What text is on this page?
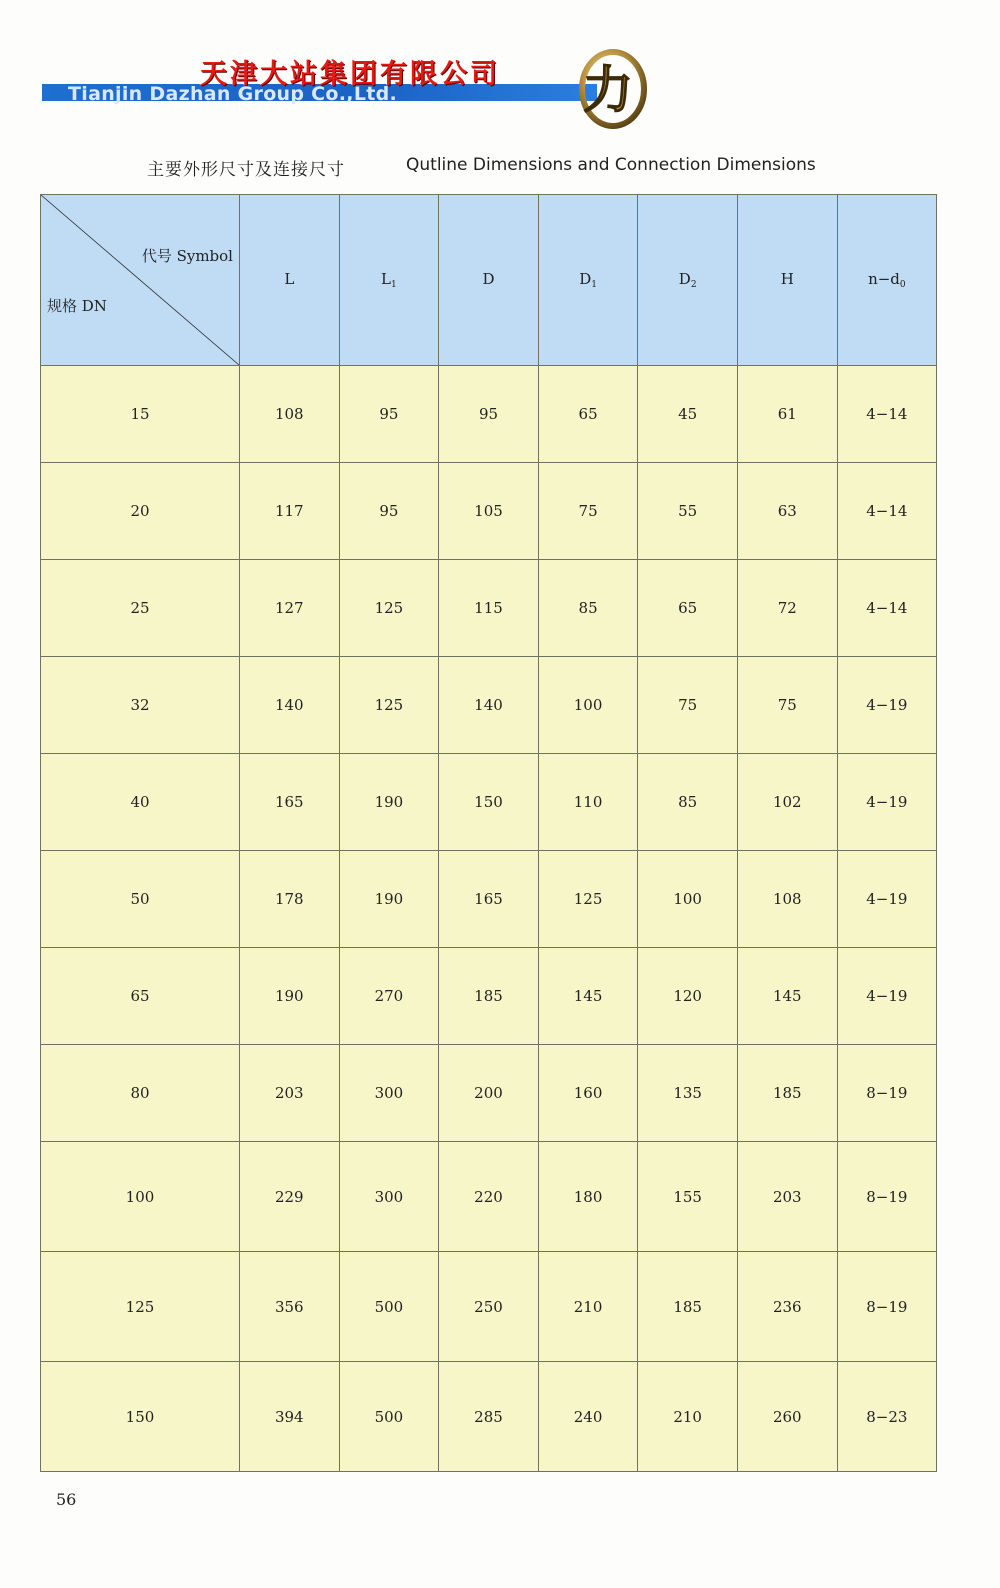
天津大站集团有限公司
Tianjin Dazhan Group Co.,Ltd.	力
主要外形尺寸及连接尺寸	Qutline Dimensions and Connection Dimensions
代号 Symbol
规格 DN	L	$L_1$	D	$D_1$	$D_2$	H	$n-d_0$
15	108	95	95	65	45	61	4−14
20	117	95	105	75	55	63	4−14
25	127	125	115	85	65	72	4−14
32	140	125	140	100	75	75	4−19
40	165	190	150	110	85	102	4−19
50	178	190	165	125	100	108	4−19
65	190	270	185	145	120	145	4−19
80	203	300	200	160	135	185	8−19
100	229	300	220	180	155	203	8−19
125	356	500	250	210	185	236	8−19
150	394	500	285	240	210	260	8−23
56
